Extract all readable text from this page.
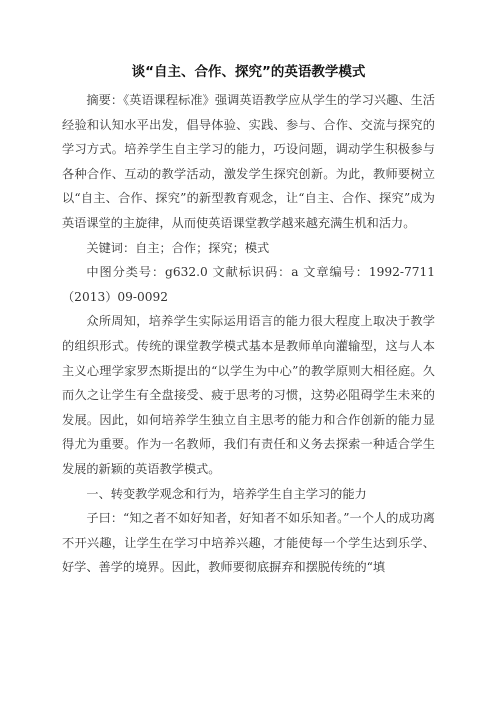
谈“自主、合作、探究”的英语教学模式

摘要：《英语课程标准》强调英语教学应从学生的学习兴趣、生活经验和认知水平出发，倡导体验、实践、参与、合作、交流与探究的学习方式。培养学生自主学习的能力，巧设问题，调动学生积极参与各种合作、互动的教学活动，激发学生探究创新。为此，教师要树立以“自主、合作、探究”的新型教育观念，让“自主、合作、探究”成为英语课堂的主旋律，从而使英语课堂教学越来越充满生机和活力。

关键词：自主；合作；探究；模式

中图分类号：g632.0 文献标识码：a 文章编号：1992-7711（2013）09-0092

众所周知，培养学生实际运用语言的能力很大程度上取决于教学的组织形式。传统的课堂教学模式基本是教师单向灌输型，这与人本主义心理学家罗杰斯提出的“以学生为中心”的教学原则大相径庭。久而久之让学生有全盘接受、疲于思考的习惯，这势必阻碍学生未来的发展。因此，如何培养学生独立自主思考的能力和合作创新的能力显得尤为重要。作为一名教师，我们有责任和义务去探索一种适合学生发展的新颖的英语教学模式。

一、转变教学观念和行为，培养学生自主学习的能力

子曰：“知之者不如好知者，好知者不如乐知者。”一个人的成功离不开兴趣，让学生在学习中培养兴趣，才能使每一个学生达到乐学、好学、善学的境界。因此，教师要彻底摒弃和摆脱传统的“填
